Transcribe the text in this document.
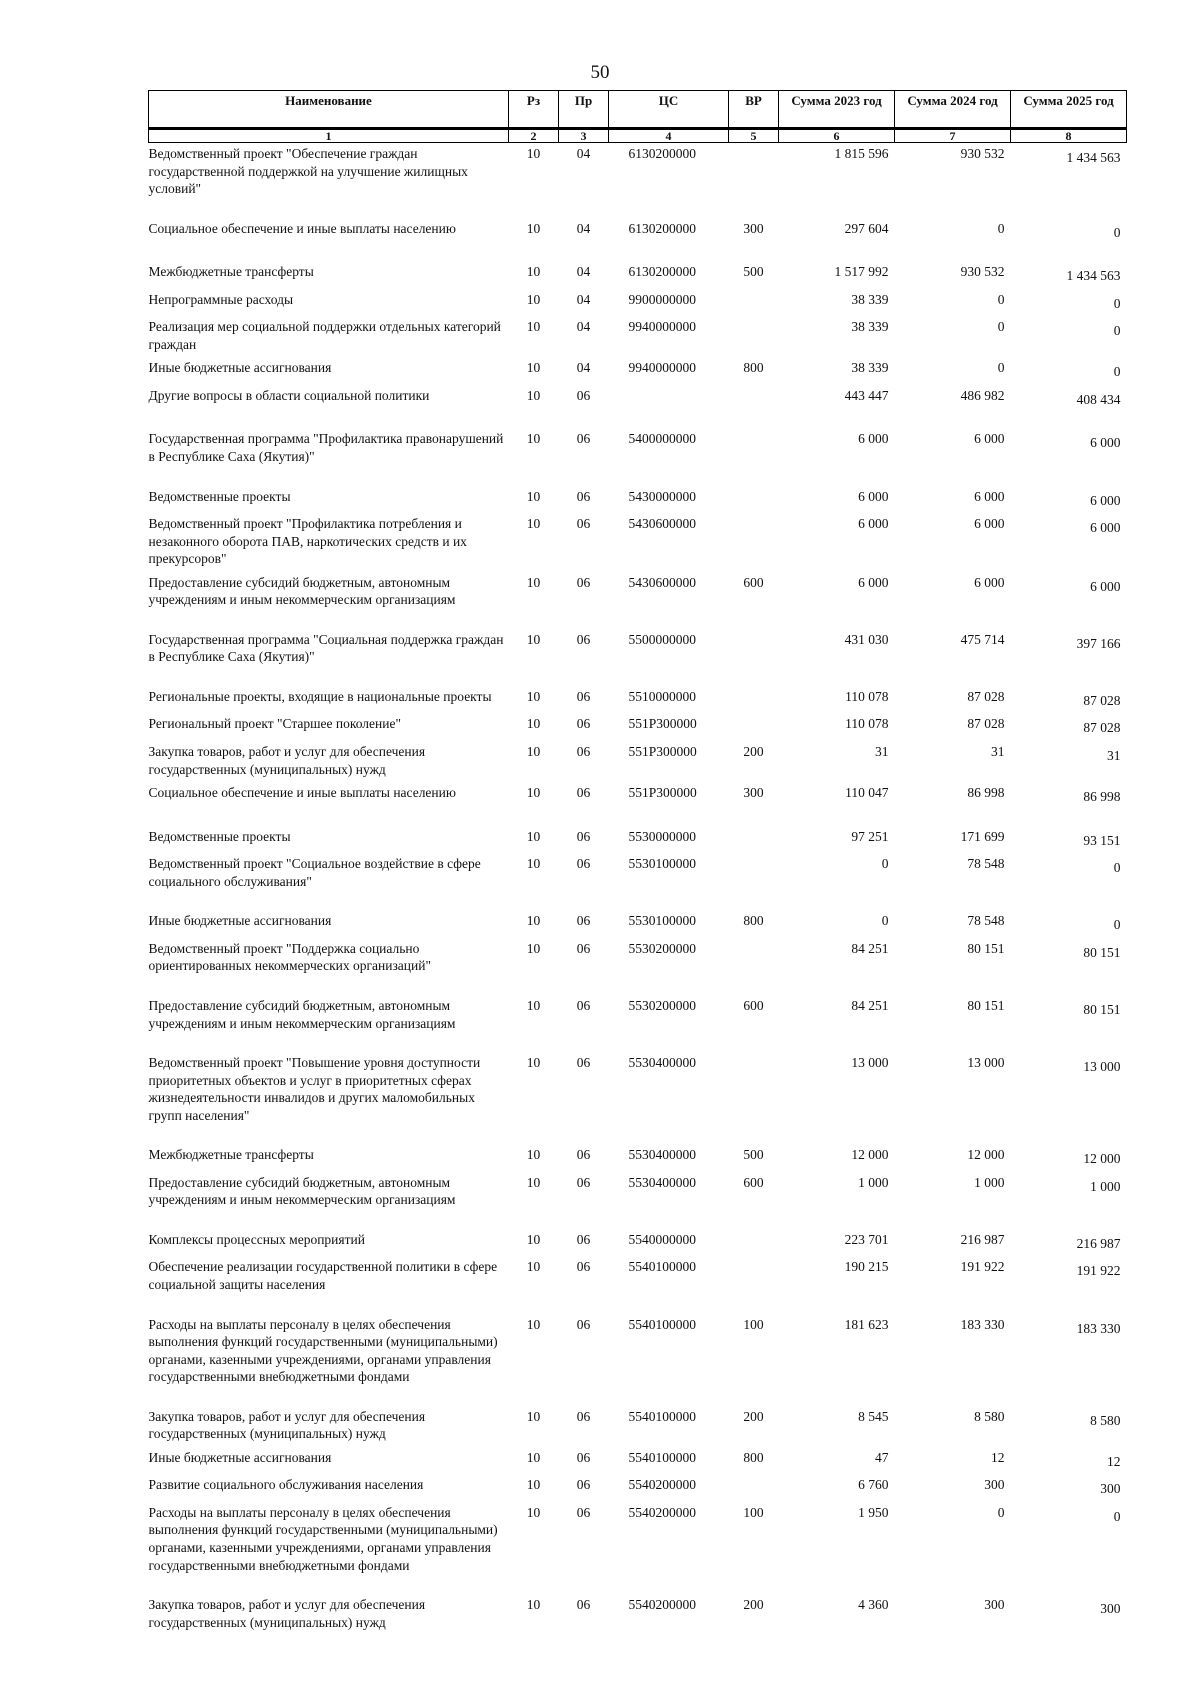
50
Наименование	Рз	Пр	ЦС	ВР	Сумма 2023 год	Сумма 2024 год	Сумма 2025 год
1	2	3	4	5	6	7	8
Ведомственный проект "Обеспечение граждан государственной поддержкой на улучшение жилищных условий"	10	04	6130200000		1 815 596	930 532	1 434 563
Социальное обеспечение и иные выплаты населению	10	04	6130200000	300	297 604	0	0
Межбюджетные трансферты	10	04	6130200000	500	1 517 992	930 532	1 434 563
Непрограммные расходы	10	04	9900000000		38 339	0	0
Реализация мер социальной поддержки отдельных категорий граждан	10	04	9940000000		38 339	0	0
Иные бюджетные ассигнования	10	04	9940000000	800	38 339	0	0
Другие вопросы в области социальной политики	10	06			443 447	486 982	408 434
Государственная программа "Профилактика правонарушений в Республике Саха (Якутия)"	10	06	5400000000		6 000	6 000	6 000
Ведомственные проекты	10	06	5430000000		6 000	6 000	6 000
Ведомственный проект "Профилактика потребления и незаконного оборота ПАВ, наркотических средств и их прекурсоров"	10	06	5430600000		6 000	6 000	6 000
Предоставление субсидий бюджетным, автономным учреждениям и иным некоммерческим организациям	10	06	5430600000	600	6 000	6 000	6 000
Государственная программа "Социальная поддержка граждан в Республике Саха (Якутия)"	10	06	5500000000		431 030	475 714	397 166
Региональные проекты, входящие в национальные проекты	10	06	5510000000		110 078	87 028	87 028
Региональный проект "Старшее поколение"	10	06	551P300000		110 078	87 028	87 028
Закупка товаров, работ и услуг для обеспечения государственных (муниципальных) нужд	10	06	551P300000	200	31	31	31
Социальное обеспечение и иные выплаты населению	10	06	551P300000	300	110 047	86 998	86 998
Ведомственные проекты	10	06	5530000000		97 251	171 699	93 151
Ведомственный проект "Социальное воздействие в сфере социального обслуживания"	10	06	5530100000		0	78 548	0
Иные бюджетные ассигнования	10	06	5530100000	800	0	78 548	0
Ведомственный проект "Поддержка социально ориентированных некоммерческих организаций"	10	06	5530200000		84 251	80 151	80 151
Предоставление субсидий бюджетным, автономным учреждениям и иным некоммерческим организациям	10	06	5530200000	600	84 251	80 151	80 151
Ведомственный проект "Повышение уровня доступности приоритетных объектов и услуг в приоритетных сферах жизнедеятельности инвалидов и других маломобильных групп населения"	10	06	5530400000		13 000	13 000	13 000
Межбюджетные трансферты	10	06	5530400000	500	12 000	12 000	12 000
Предоставление субсидий бюджетным, автономным учреждениям и иным некоммерческим организациям	10	06	5530400000	600	1 000	1 000	1 000
Комплексы процессных мероприятий	10	06	5540000000		223 701	216 987	216 987
Обеспечение реализации государственной политики в сфере социальной защиты населения	10	06	5540100000		190 215	191 922	191 922
Расходы на выплаты персоналу в целях обеспечения выполнения функций государственными (муниципальными) органами, казенными учреждениями, органами управления государственными внебюджетными фондами	10	06	5540100000	100	181 623	183 330	183 330
Закупка товаров, работ и услуг для обеспечения государственных (муниципальных) нужд	10	06	5540100000	200	8 545	8 580	8 580
Иные бюджетные ассигнования	10	06	5540100000	800	47	12	12
Развитие социального обслуживания населения	10	06	5540200000		6 760	300	300
Расходы на выплаты персоналу в целях обеспечения выполнения функций государственными (муниципальными) органами, казенными учреждениями, органами управления государственными внебюджетными фондами	10	06	5540200000	100	1 950	0	0
Закупка товаров, работ и услуг для обеспечения государственных (муниципальных) нужд	10	06	5540200000	200	4 360	300	300
